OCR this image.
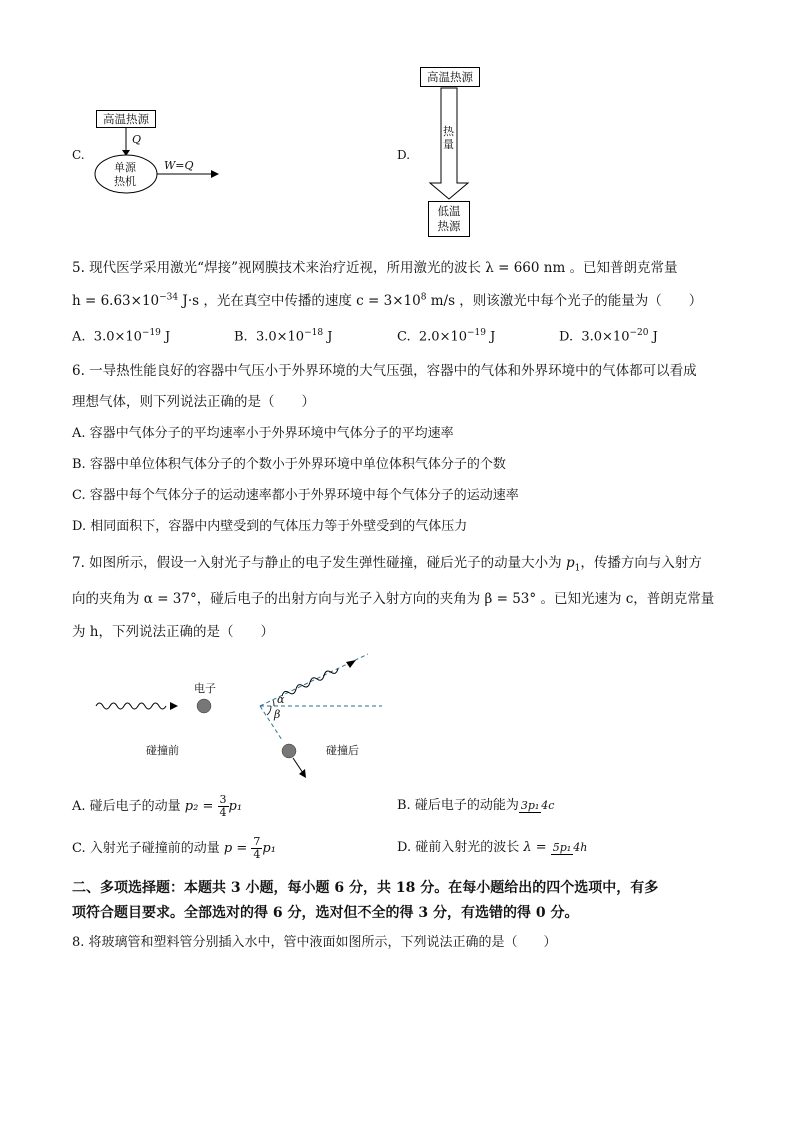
C.
高温热源
Q
单源
热机
W=Q
D.
高温热源
热量
低温
热源
5. 现代医学采用激光“焊接”视网膜技术来治疗近视，所用激光的波长 λ = 660 nm 。已知普朗克常量
$h = 6.63\times 10^{-34}$ J·s ，光在真空中传播的速度 $c = 3\times 10^8$ m/s ，则该激光中每个光子的能量为（　　）
A. $3.0\times 10^{-19}$ J	B. $3.0\times 10^{-18}$ J	C. $2.0\times 10^{-19}$ J	D. $3.0\times 10^{-20}$ J
6. 一导热性能良好的容器中气压小于外界环境的大气压强，容器中的气体和外界环境中的气体都可以看成
理想气体，则下列说法正确的是（　　）
A. 容器中气体分子的平均速率小于外界环境中气体分子的平均速率
B. 容器中单位体积气体分子的个数小于外界环境中单位体积气体分子的个数
C. 容器中每个气体分子的运动速率都小于外界环境中每个气体分子的运动速率
D. 相同面积下，容器中内壁受到的气体压力等于外壁受到的气体压力
7. 如图所示，假设一入射光子与静止的电子发生弹性碰撞，碰后光子的动量大小为 $p_1$，传播方向与入射方
向的夹角为 α = 37°，碰后电子的出射方向与光子入射方向的夹角为 β = 53° 。已知光速为 c，普朗克常量
为 h，下列说法正确的是（　　）
电子
α
β
碰撞前	碰撞后
A. 碰后电子的动量 $p_2 = \frac{3}{4} p_1$	B. 碰后电子的动能为 3p₁ 4c
C. 入射光子碰撞前的动量 $p = \frac{7}{4} p_1$	D. 碰前入射光的波长 λ = 5p₁ 4h
二、多项选择题：本题共 3 小题，每小题 6 分，共 18 分。在每小题给出的四个选项中，有多
项符合题目要求。全部选对的得 6 分，选对但不全的得 3 分，有选错的得 0 分。
8. 将玻璃管和塑料管分别插入水中，管中液面如图所示，下列说法正确的是（　　）
